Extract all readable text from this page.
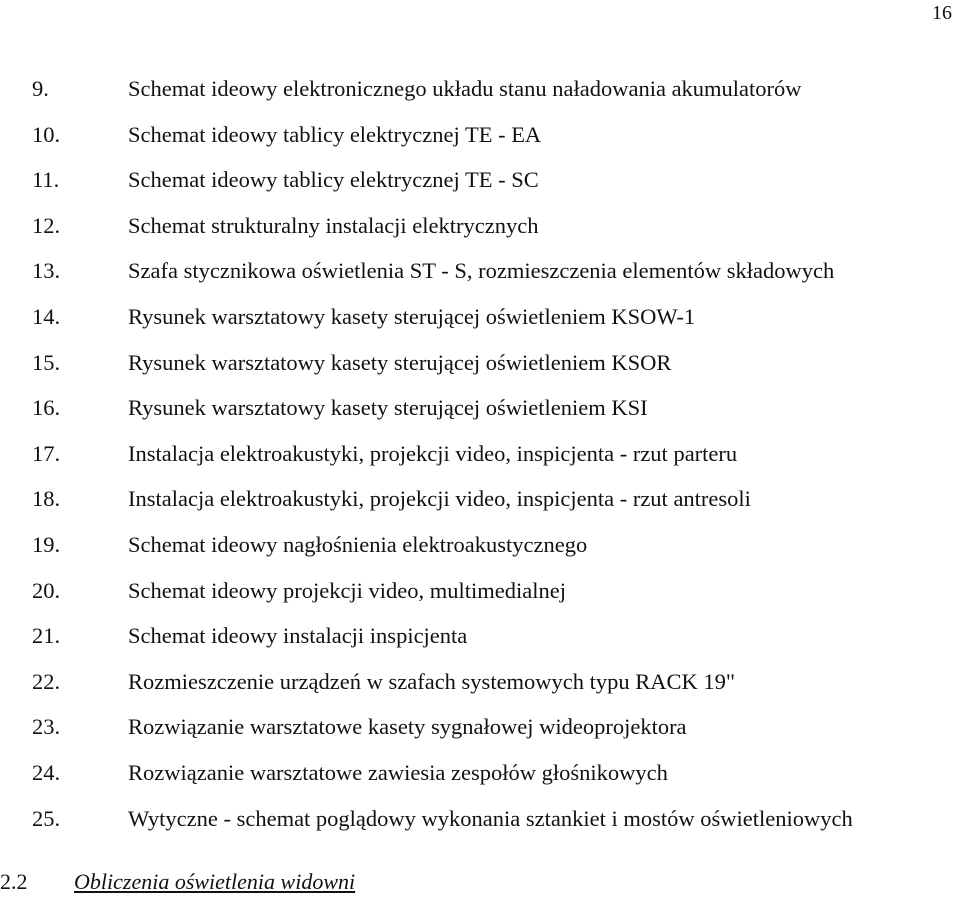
16
9.	Schemat ideowy elektronicznego układu stanu naładowania akumulatorów
10.	Schemat ideowy tablicy elektrycznej TE - EA
11.	Schemat ideowy tablicy elektrycznej TE - SC
12.	Schemat strukturalny instalacji elektrycznych
13.	Szafa stycznikowa oświetlenia ST - S, rozmieszczenia elementów składowych
14.	Rysunek warsztatowy kasety sterującej oświetleniem KSOW-1
15.	Rysunek warsztatowy kasety sterującej oświetleniem KSOR
16.	Rysunek warsztatowy kasety sterującej oświetleniem KSI
17.	Instalacja elektroakustyki, projekcji video, inspicjenta - rzut parteru
18.	Instalacja elektroakustyki, projekcji video, inspicjenta - rzut antresoli
19.	Schemat ideowy nagłośnienia elektroakustycznego
20.	Schemat ideowy projekcji video, multimedialnej
21.	Schemat ideowy instalacji inspicjenta
22.	Rozmieszczenie urządzeń w szafach systemowych typu RACK 19"
23.	Rozwiązanie warsztatowe kasety sygnałowej wideoprojektora
24.	Rozwiązanie warsztatowe zawiesia zespołów głośnikowych
25.	Wytyczne - schemat poglądowy wykonania sztankiet i mostów oświetleniowych
2.2 Obliczenia oświetlenia widowni
